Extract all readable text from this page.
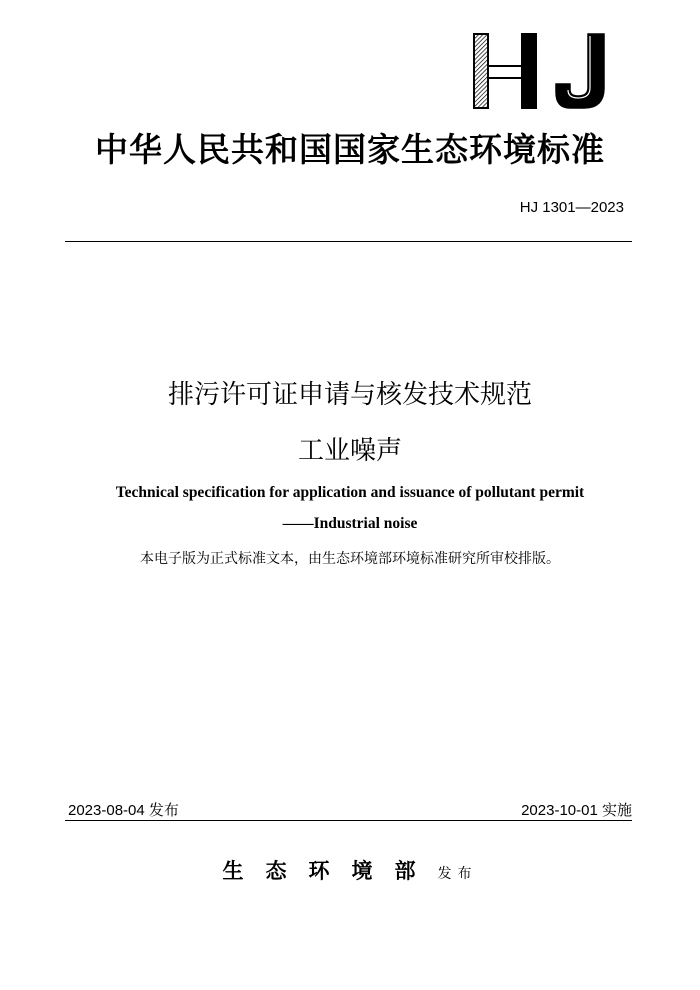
中华人民共和国国家生态环境标准
HJ 1301—2023
排污许可证申请与核发技术规范
工业噪声
Technical specification for application and issuance of pollutant permit
——Industrial noise
本电子版为正式标准文本，由生态环境部环境标准研究所审校排版。
2023-08-04 发布	2023-10-01 实施
生态环境部发布
